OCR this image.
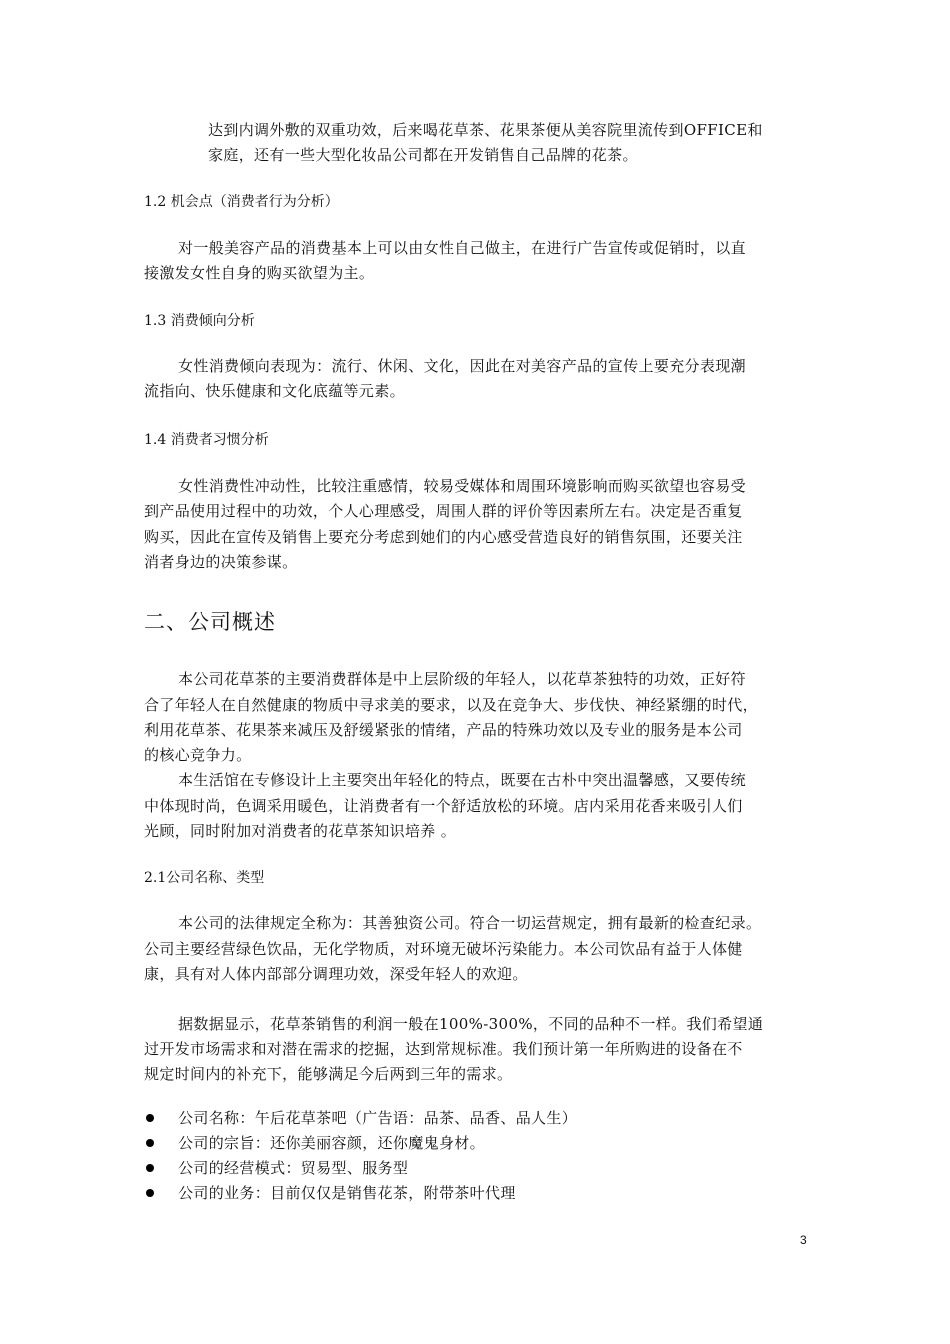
达到内调外敷的双重功效，后来喝花草茶、花果茶便从美容院里流传到OFFICE和
家庭，还有一些大型化妆品公司都在开发销售自己品牌的花茶。
1.2 机会点（消费者行为分析）
对一般美容产品的消费基本上可以由女性自己做主，在进行广告宣传或促销时，以直
接激发女性自身的购买欲望为主。
1.3 消费倾向分析
女性消费倾向表现为：流行、休闲、文化，因此在对美容产品的宣传上要充分表现潮
流指向、快乐健康和文化底蕴等元素。
1.4 消费者习惯分析
女性消费性冲动性，比较注重感情，较易受媒体和周围环境影响而购买欲望也容易受
到产品使用过程中的功效，个人心理感受，周围人群的评价等因素所左右。决定是否重复
购买，因此在宣传及销售上要充分考虑到她们的内心感受营造良好的销售氛围，还要关注
消者身边的决策参谋。
二、公司概述
本公司花草茶的主要消费群体是中上层阶级的年轻人，以花草茶独特的功效，正好符
合了年轻人在自然健康的物质中寻求美的要求，以及在竞争大、步伐快、神经紧绷的时代，
利用花草茶、花果茶来减压及舒缓紧张的情绪，产品的特殊功效以及专业的服务是本公司
的核心竞争力。
本生活馆在专修设计上主要突出年轻化的特点，既要在古朴中突出温馨感，又要传统
中体现时尚，色调采用暖色，让消费者有一个舒适放松的环境。店内采用花香来吸引人们
光顾，同时附加对消费者的花草茶知识培养 。
2.1公司名称、类型
本公司的法律规定全称为：其善独资公司。符合一切运营规定，拥有最新的检查纪录。
公司主要经营绿色饮品，无化学物质，对环境无破坏污染能力。本公司饮品有益于人体健
康，具有对人体内部部分调理功效，深受年轻人的欢迎。
据数据显示，花草茶销售的利润一般在100%-300%，不同的品种不一样。我们希望通
过开发市场需求和对潜在需求的挖掘，达到常规标准。我们预计第一年所购进的设备在不
规定时间内的补充下，能够满足今后两到三年的需求。
公司名称：午后花草茶吧（广告语：品茶、品香、品人生）
公司的宗旨：还你美丽容颜，还你魔鬼身材。
公司的经营模式：贸易型、服务型
公司的业务：目前仅仅是销售花茶，附带茶叶代理
3
